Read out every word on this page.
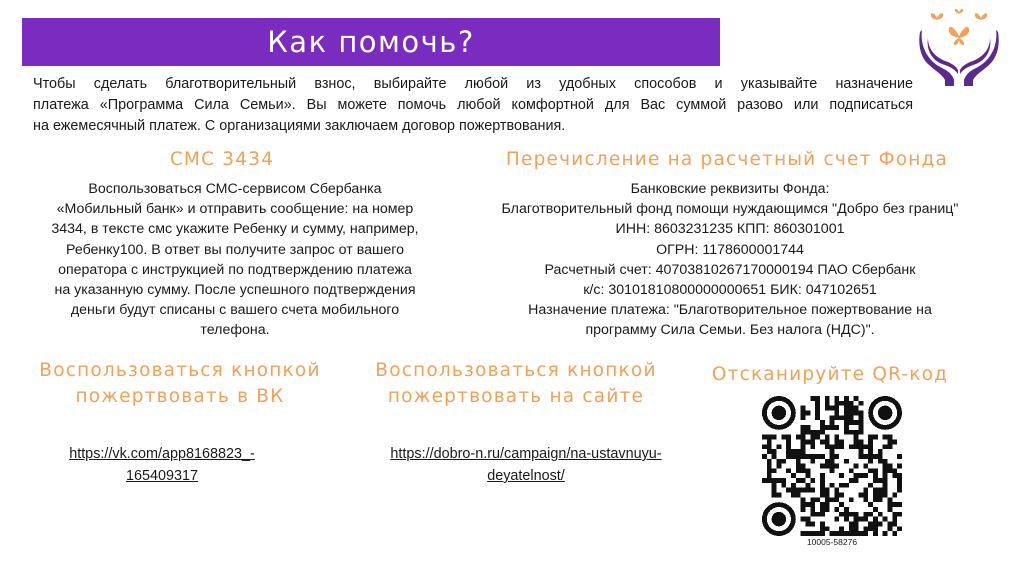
Как помочь?

Чтобы сделать благотворительный взнос, выбирайте любой из удобных способов и указывайте назначение

платежа «Программа Сила Семьи». Вы можете помочь любой комфортной для Вас суммой разово или подписаться

на ежемесячный платеж. С организациями заключаем договор пожертвования.

СМС 3434

Воспользоваться СМС-сервисом Сбербанка

«Мобильный банк» и отправить сообщение: на номер

3434, в тексте смс укажите Ребенку и сумму, например,

Ребенку100. В ответ вы получите запрос от вашего

оператора с инструкцией по подтверждению платежа

на указанную сумму. После успешного подтверждения

деньги будут списаны с вашего счета мобильного

телефона.

Перечисление на расчетный счет Фонда

Банковские реквизиты Фонда:

Благотворительный фонд помощи нуждающимся "Добро без границ"

ИНН: 8603231235 КПП: 860301001

ОГРН: 1178600001744

Расчетный счет: 40703810267170000194 ПАО Сбербанк

к/с: 30101810800000000651 БИК: 047102651

Назначение платежа: "Благотворительное пожертвование на

программу Сила Семьи. Без налога (НДС)".

Воспользоваться кнопкой
пожертвовать в ВК
https://vk.com/app8168823_-
165409317
Воспользоваться кнопкой
пожертвовать на сайте
https://dobro-n.ru/campaign/na-ustavnuyu-
deyatelnost/
Отсканируйте QR-код
10005-58276
